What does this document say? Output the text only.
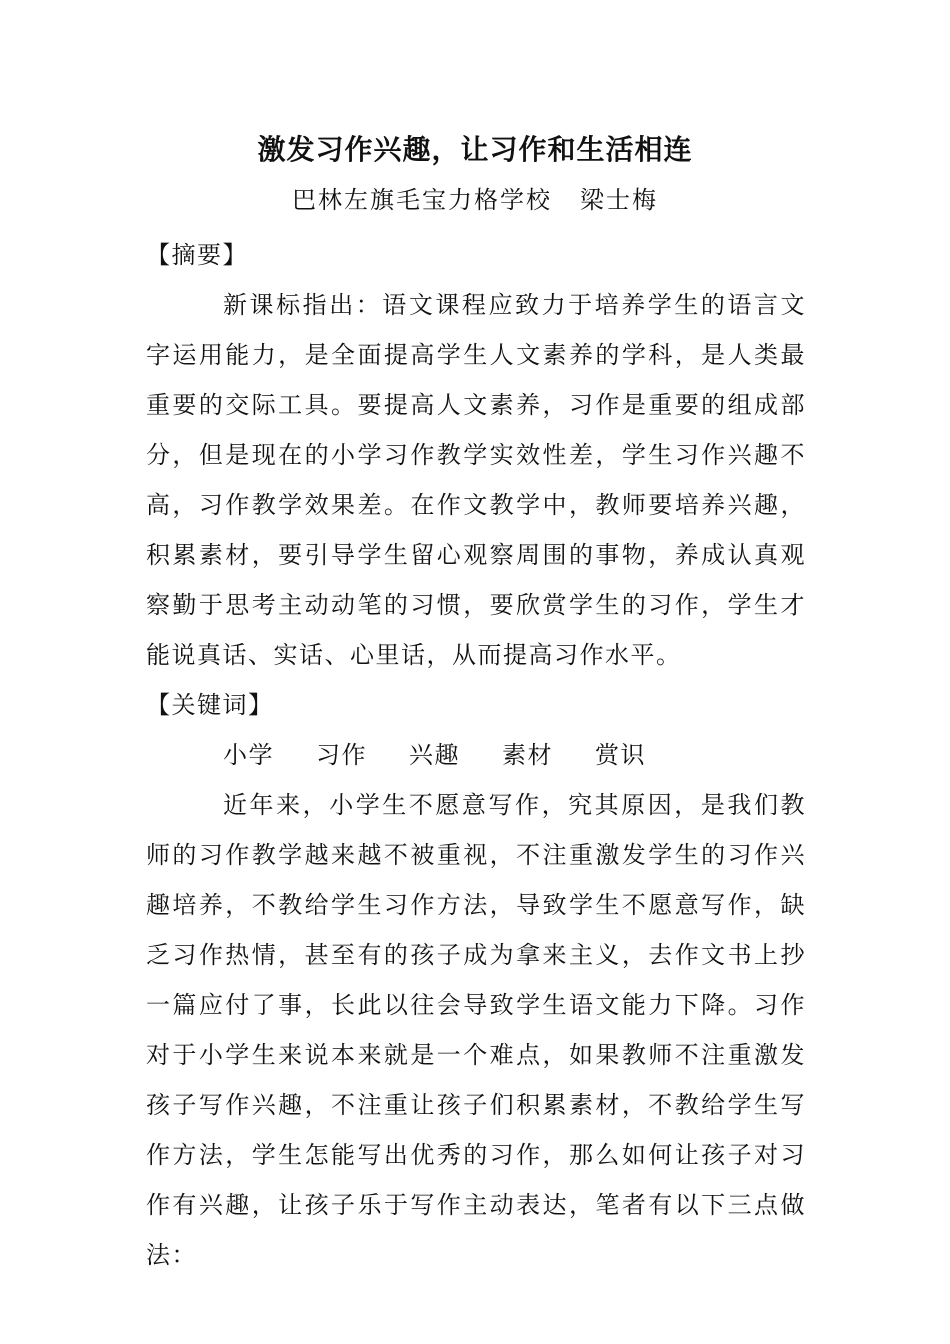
激发习作兴趣，让习作和生活相连
巴林左旗毛宝力格学校 梁士梅

【摘要】

新课标指出：语文课程应致力于培养学生的语言文字运用能力，是全面提高学生人文素养的学科，是人类最重要的交际工具。要提高人文素养，习作是重要的组成部分，但是现在的小学习作教学实效性差，学生习作兴趣不高，习作教学效果差。在作文教学中，教师要培养兴趣，积累素材，要引导学生留心观察周围的事物，养成认真观察勤于思考主动动笔的习惯，要欣赏学生的习作，学生才能说真话、实话、心里话，从而提高习作水平。

【关键词】

小学 习作 兴趣 素材 赏识

近年来，小学生不愿意写作，究其原因，是我们教师的习作教学越来越不被重视，不注重激发学生的习作兴趣培养，不教给学生习作方法，导致学生不愿意写作，缺乏习作热情，甚至有的孩子成为拿来主义，去作文书上抄一篇应付了事，长此以往会导致学生语文能力下降。习作对于小学生来说本来就是一个难点，如果教师不注重激发孩子写作兴趣，不注重让孩子们积累素材，不教给学生写作方法，学生怎能写出优秀的习作，那么如何让孩子对习作有兴趣，让孩子乐于写作主动表达，笔者有以下三点做法：
